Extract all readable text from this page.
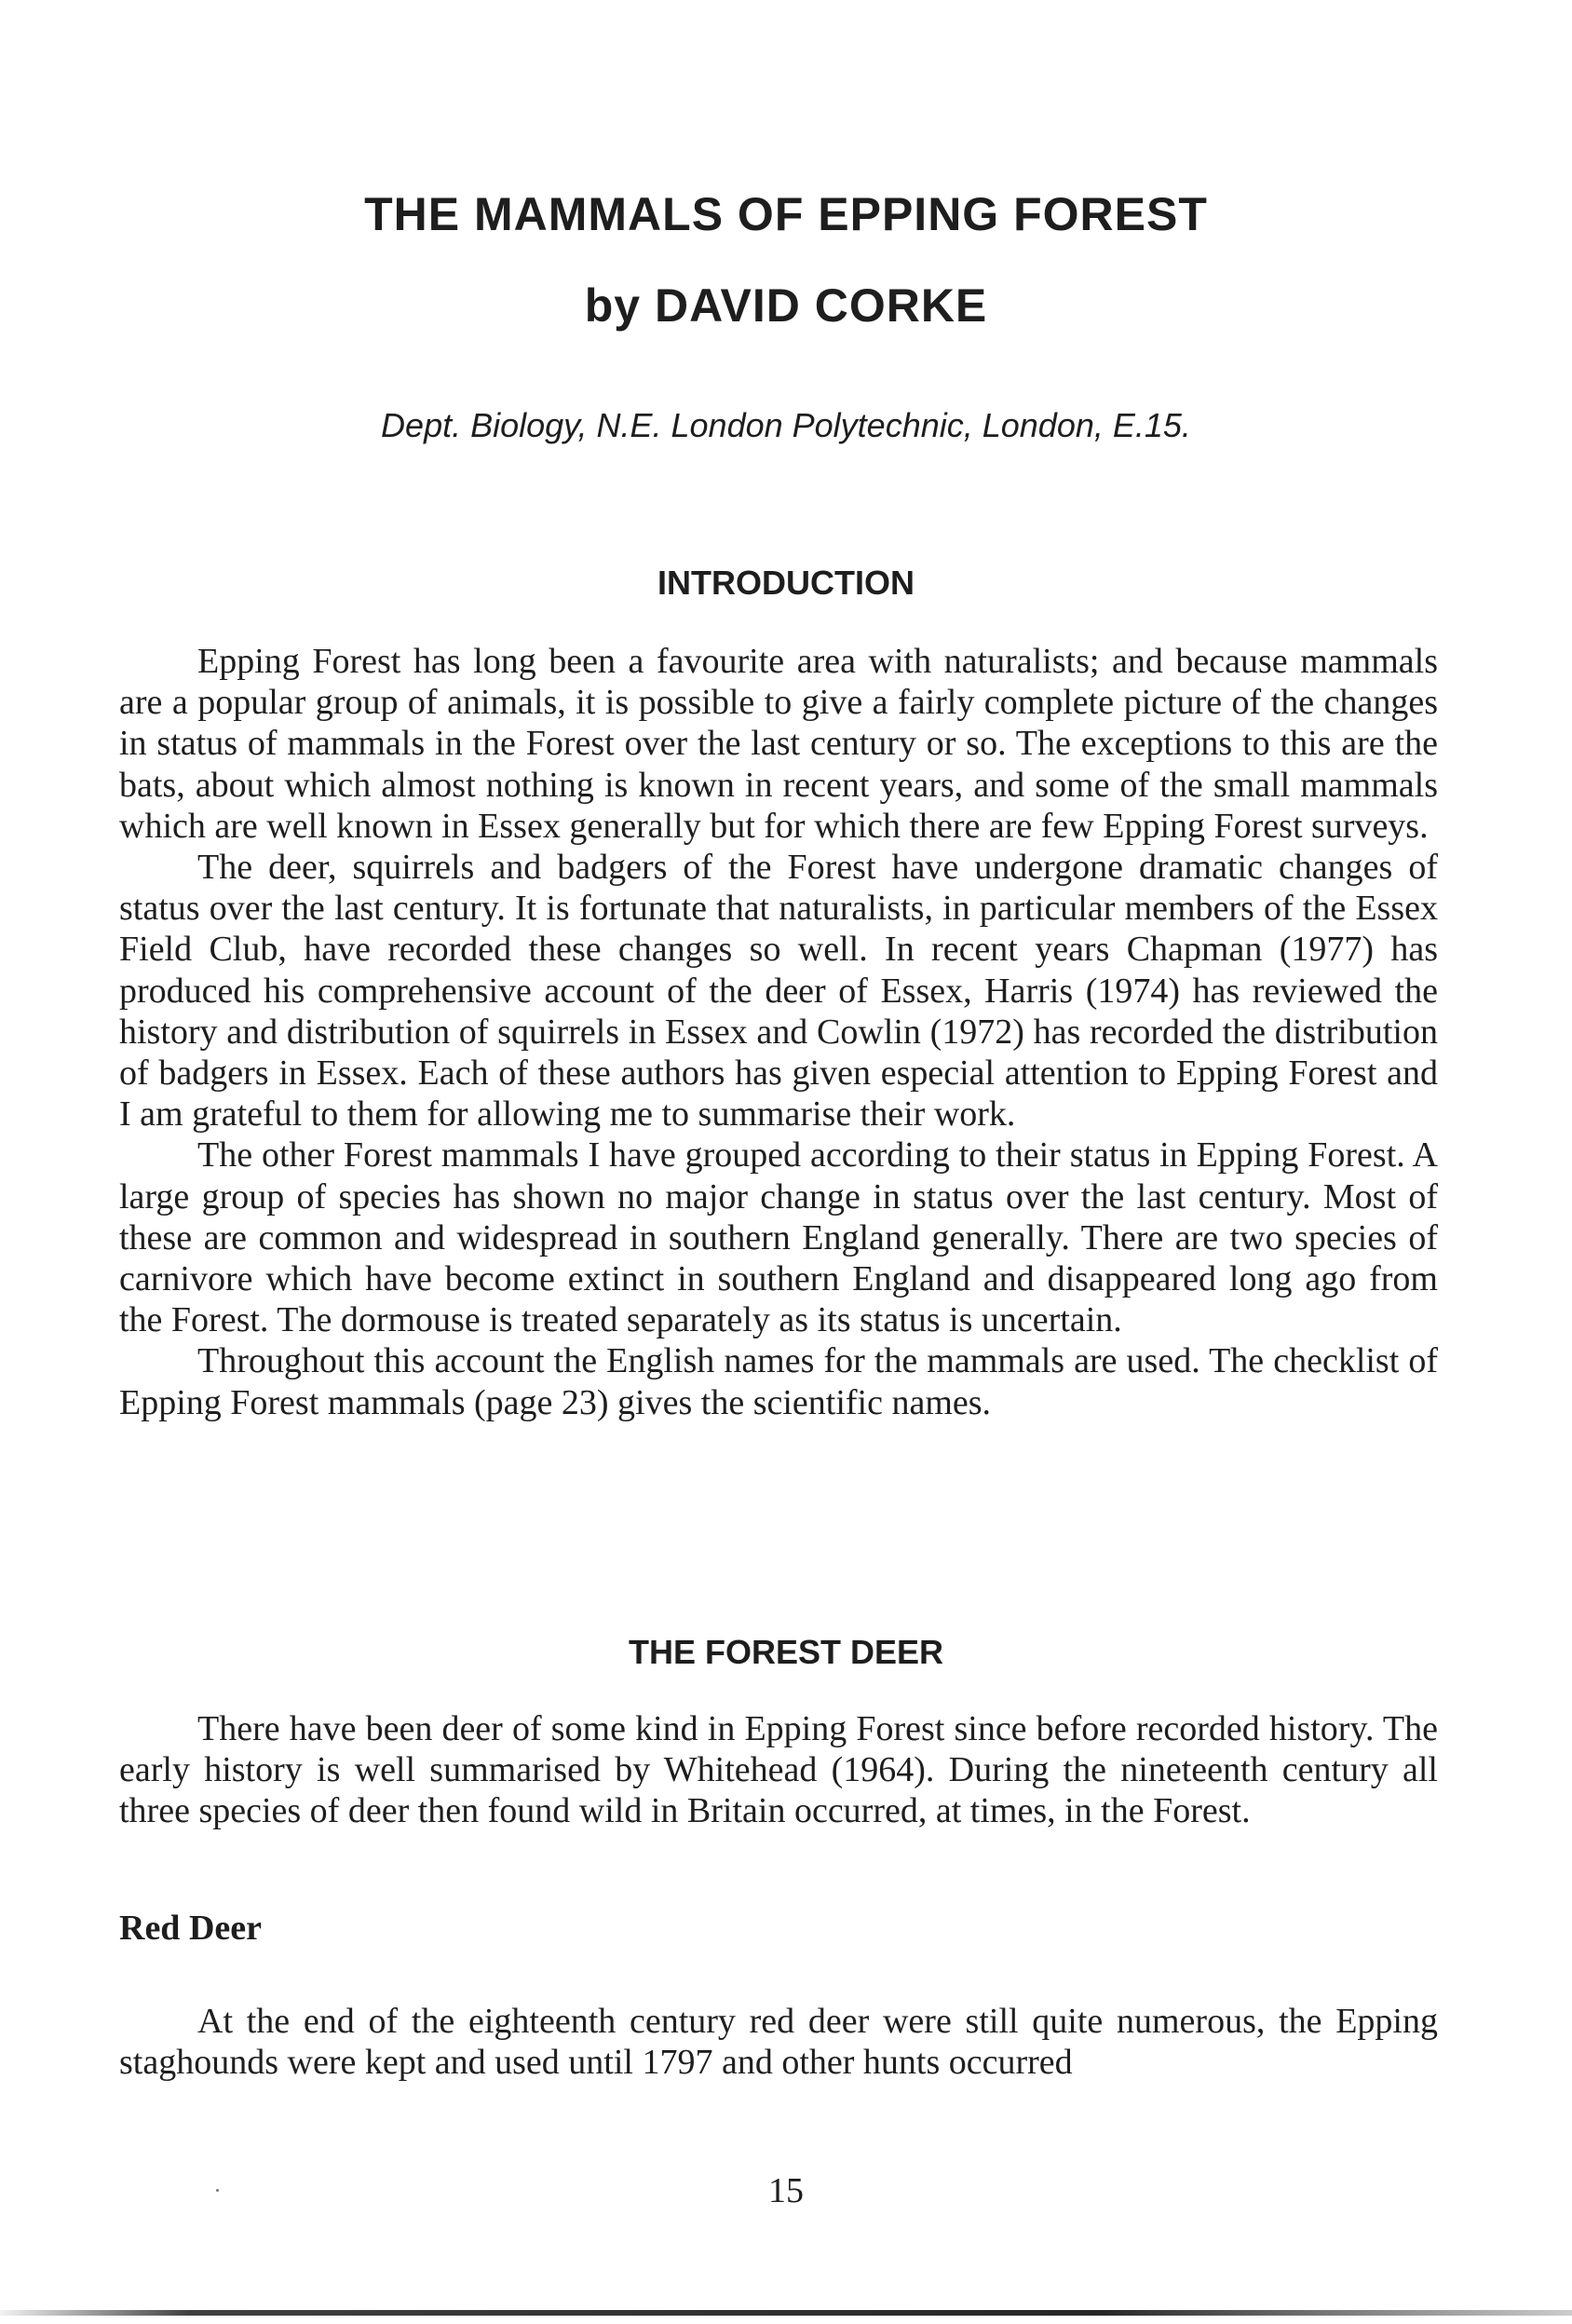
THE MAMMALS OF EPPING FOREST
by DAVID CORKE

Dept. Biology, N.E. London Polytechnic, London, E.15.

INTRODUCTION

Epping Forest has long been a favourite area with naturalists; and because mammals are a popular group of animals, it is possible to give a fairly complete picture of the changes in status of mammals in the Forest over the last century or so. The exceptions to this are the bats, about which almost nothing is known in recent years, and some of the small mammals which are well known in Essex generally but for which there are few Epping Forest surveys.

The deer, squirrels and badgers of the Forest have undergone dramatic changes of status over the last century. It is fortunate that naturalists, in particular members of the Essex Field Club, have recorded these changes so well. In recent years Chapman (1977) has produced his comprehensive account of the deer of Essex, Harris (1974) has reviewed the history and distribution of squirrels in Essex and Cowlin (1972) has recorded the distribution of badgers in Essex. Each of these authors has given especial attention to Epping Forest and I am grateful to them for allowing me to summarise their work.

The other Forest mammals I have grouped according to their status in Epping Forest. A large group of species has shown no major change in status over the last century. Most of these are common and widespread in southern England generally. There are two species of carnivore which have become extinct in southern England and disappeared long ago from the Forest. The dormouse is treated separately as its status is uncertain.

Throughout this account the English names for the mammals are used. The checklist of Epping Forest mammals (page 23) gives the scientific names.

THE FOREST DEER

There have been deer of some kind in Epping Forest since before recorded history. The early history is well summarised by Whitehead (1964). During the nineteenth century all three species of deer then found wild in Britain occurred, at times, in the Forest.

Red Deer

At the end of the eighteenth century red deer were still quite numerous, the Epping staghounds were kept and used until 1797 and other hunts occurred

15
